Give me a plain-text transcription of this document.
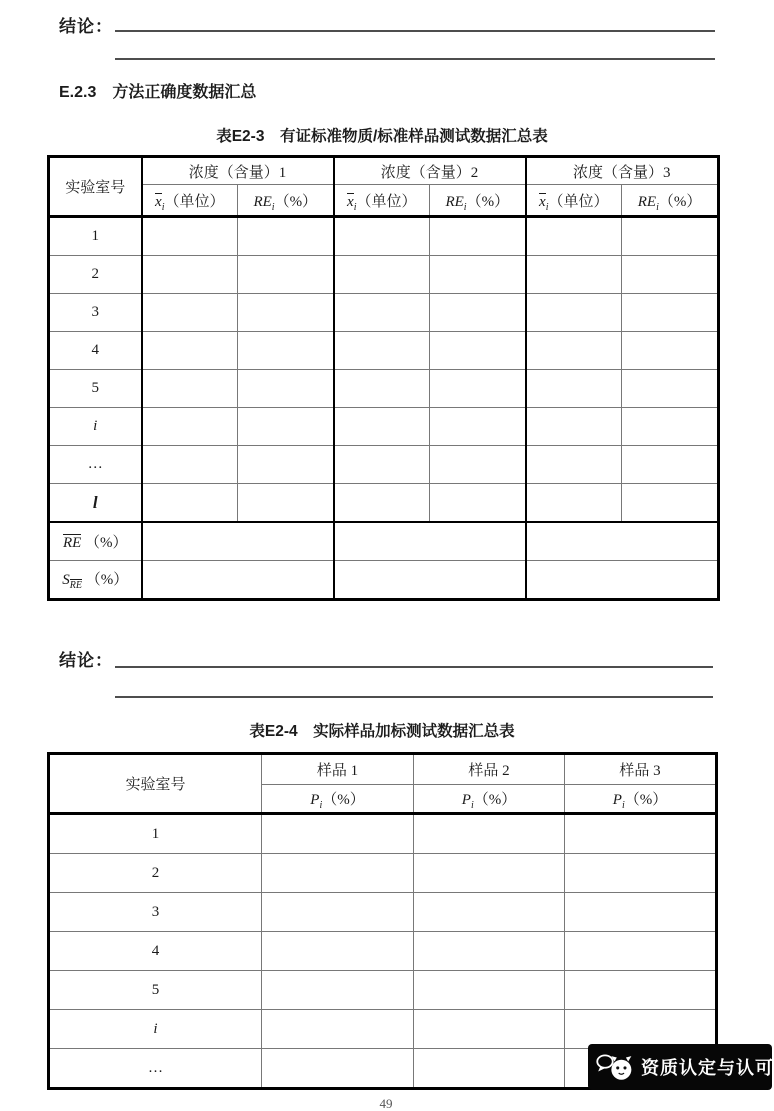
结论：
E.2.3　方法正确度数据汇总
表E2-3　有证标准物质/标准样品测试数据汇总表
实验室号	浓度（含量）1		浓度（含量）2		浓度（含量）3	
	$x_i$（单位）	$RE_i(\%)$	$x_i$（单位）	$RE_i(\%)$	$x_i$（单位）	$RE_i(\%)$
1						
2						
3						
4						
5						
i						
…						
l						
RE （%）						
$S_{RE}$ （%）						
结论：
表E2-4　实际样品加标测试数据汇总表
实验室号	样品 1	样品 2	样品 3
	$P_i(\%)$	$P_i(\%)$	$P_i(\%)$
1			
2			
3			
4			
5			
i			
…				资质认定与认可
49
